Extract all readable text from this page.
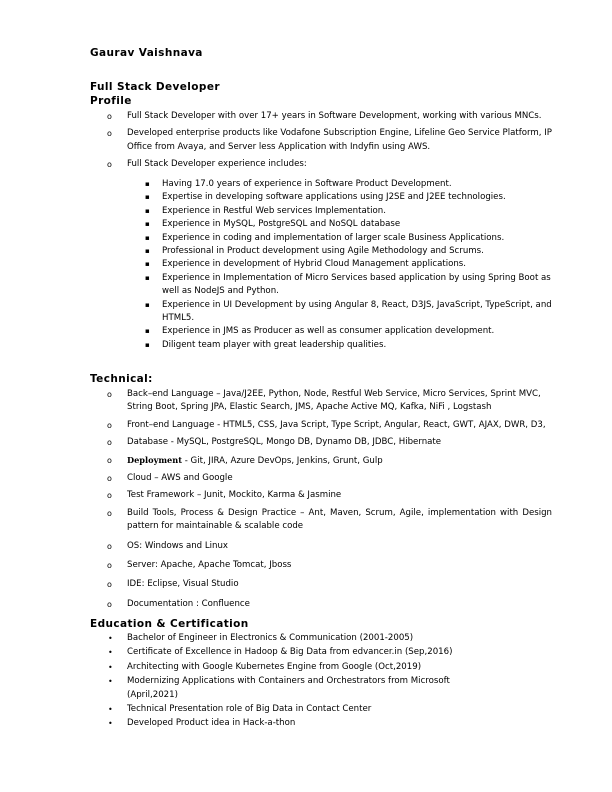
Gaurav Vaishnava
Full Stack Developer
Profile
o Full Stack Developer with over 17+ years in Software Development, working with various MNCs.
o Developed enterprise products like Vodafone Subscription Engine, Lifeline Geo Service Platform, IP Office from Avaya, and Server less Application with Indyfin using AWS.
o Full Stack Developer experience includes:
▪ Having 17.0 years of experience in Software Product Development.
▪ Expertise in developing software applications using J2SE and J2EE technologies.
▪ Experience in Restful Web services Implementation.
▪ Experience in MySQL, PostgreSQL and NoSQL database
▪ Experience in coding and implementation of larger scale Business Applications.
▪ Professional in Product development using Agile Methodology and Scrums.
▪ Experience in development of Hybrid Cloud Management applications.
▪ Experience in Implementation of Micro Services based application by using Spring Boot as well as NodeJS and Python.
▪ Experience in UI Development by using Angular 8, React, D3JS, JavaScript, TypeScript, and HTML5.
▪ Experience in JMS as Producer as well as consumer application development.
▪ Diligent team player with great leadership qualities.
Technical:
o Back–end Language – Java/J2EE, Python, Node, Restful Web Service, Micro Services, Sprint MVC, String Boot, Spring JPA, Elastic Search, JMS, Apache Active MQ, Kafka, NiFi , Logstash
o Front–end Language - HTML5, CSS, Java Script, Type Script, Angular, React, GWT, AJAX, DWR, D3,
o Database - MySQL, PostgreSQL, Mongo DB, Dynamo DB, JDBC, Hibernate
o Deployment - Git, JIRA, Azure DevOps, Jenkins, Grunt, Gulp
o Cloud – AWS and Google
o Test Framework – Junit, Mockito, Karma & Jasmine
o Build Tools, Process & Design Practice – Ant, Maven, Scrum, Agile, implementation with Design pattern for maintainable & scalable code
o OS: Windows and Linux
o Server: Apache, Apache Tomcat, Jboss
o IDE: Eclipse, Visual Studio
o Documentation : Confluence
Education & Certification
• Bachelor of Engineer in Electronics & Communication (2001-2005)
• Certificate of Excellence in Hadoop & Big Data from edvancer.in (Sep,2016)
• Architecting with Google Kubernetes Engine from Google (Oct,2019)
• Modernizing Applications with Containers and Orchestrators from Microsoft (April,2021)
• Technical Presentation role of Big Data in Contact Center
• Developed Product idea in Hack-a-thon
